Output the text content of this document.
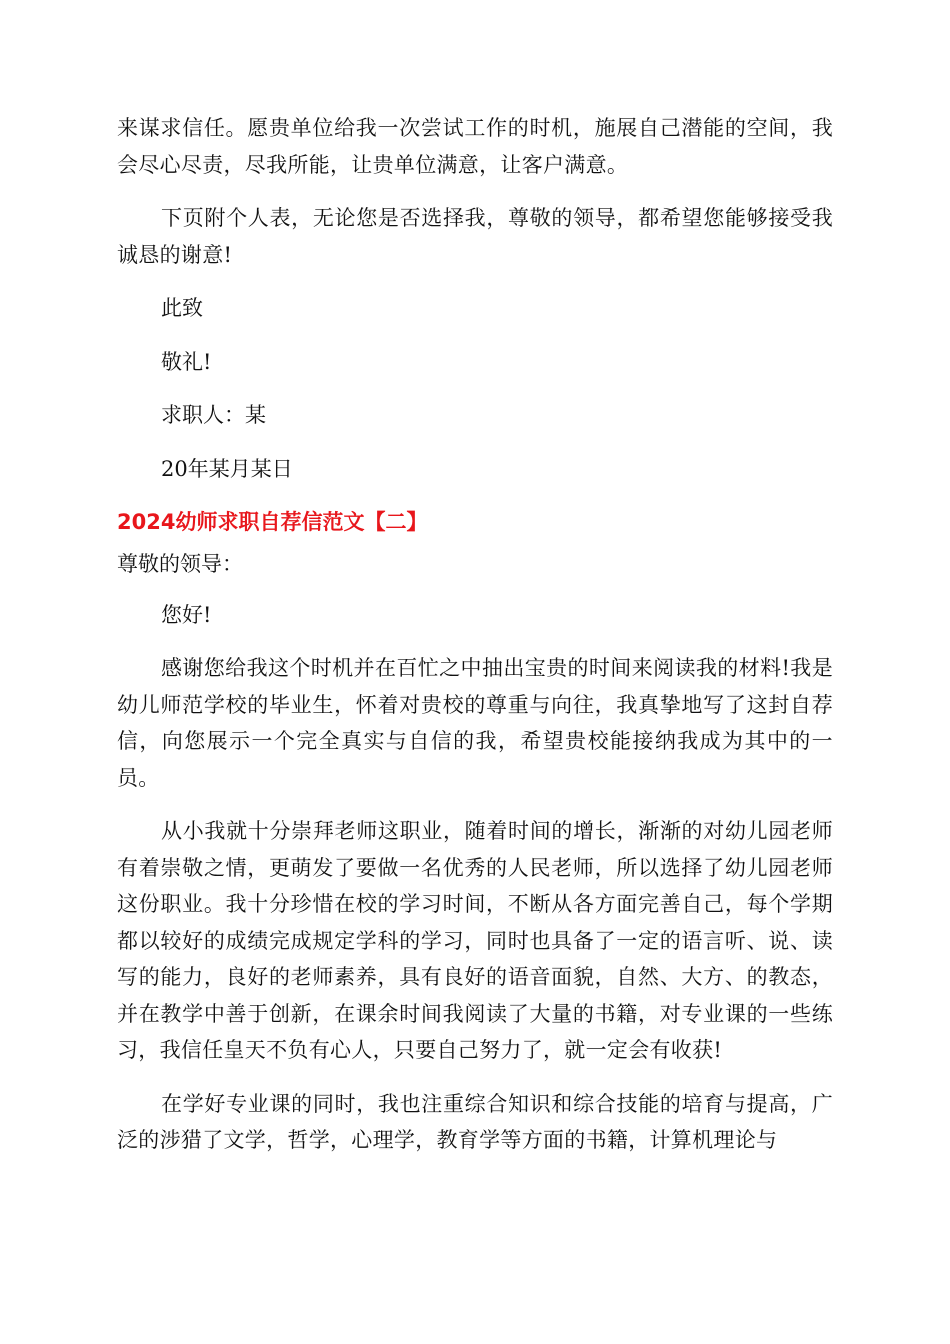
来谋求信任。愿贵单位给我一次尝试工作的时机，施展自己潜能的空间，我会尽心尽责，尽我所能，让贵单位满意，让客户满意。

下页附个人表，无论您是否选择我，尊敬的领导，都希望您能够接受我诚恳的谢意!

此致

敬礼!

求职人：某

20年某月某日

2024幼师求职自荐信范文【二】

尊敬的领导：

您好!

感谢您给我这个时机并在百忙之中抽出宝贵的时间来阅读我的材料!我是幼儿师范学校的毕业生，怀着对贵校的尊重与向往，我真挚地写了这封自荐信，向您展示一个完全真实与自信的我，希望贵校能接纳我成为其中的一员。

从小我就十分崇拜老师这职业，随着时间的增长，渐渐的对幼儿园老师有着崇敬之情，更萌发了要做一名优秀的人民老师，所以选择了幼儿园老师这份职业。我十分珍惜在校的学习时间，不断从各方面完善自己，每个学期都以较好的成绩完成规定学科的学习，同时也具备了一定的语言听、说、读写的能力，良好的老师素养，具有良好的语音面貌，自然、大方、的教态，并在教学中善于创新，在课余时间我阅读了大量的书籍，对专业课的一些练习，我信任皇天不负有心人，只要自己努力了，就一定会有收获!

在学好专业课的同时，我也注重综合知识和综合技能的培育与提高，广泛的涉猎了文学，哲学，心理学，教育学等方面的书籍，计算机理论与
